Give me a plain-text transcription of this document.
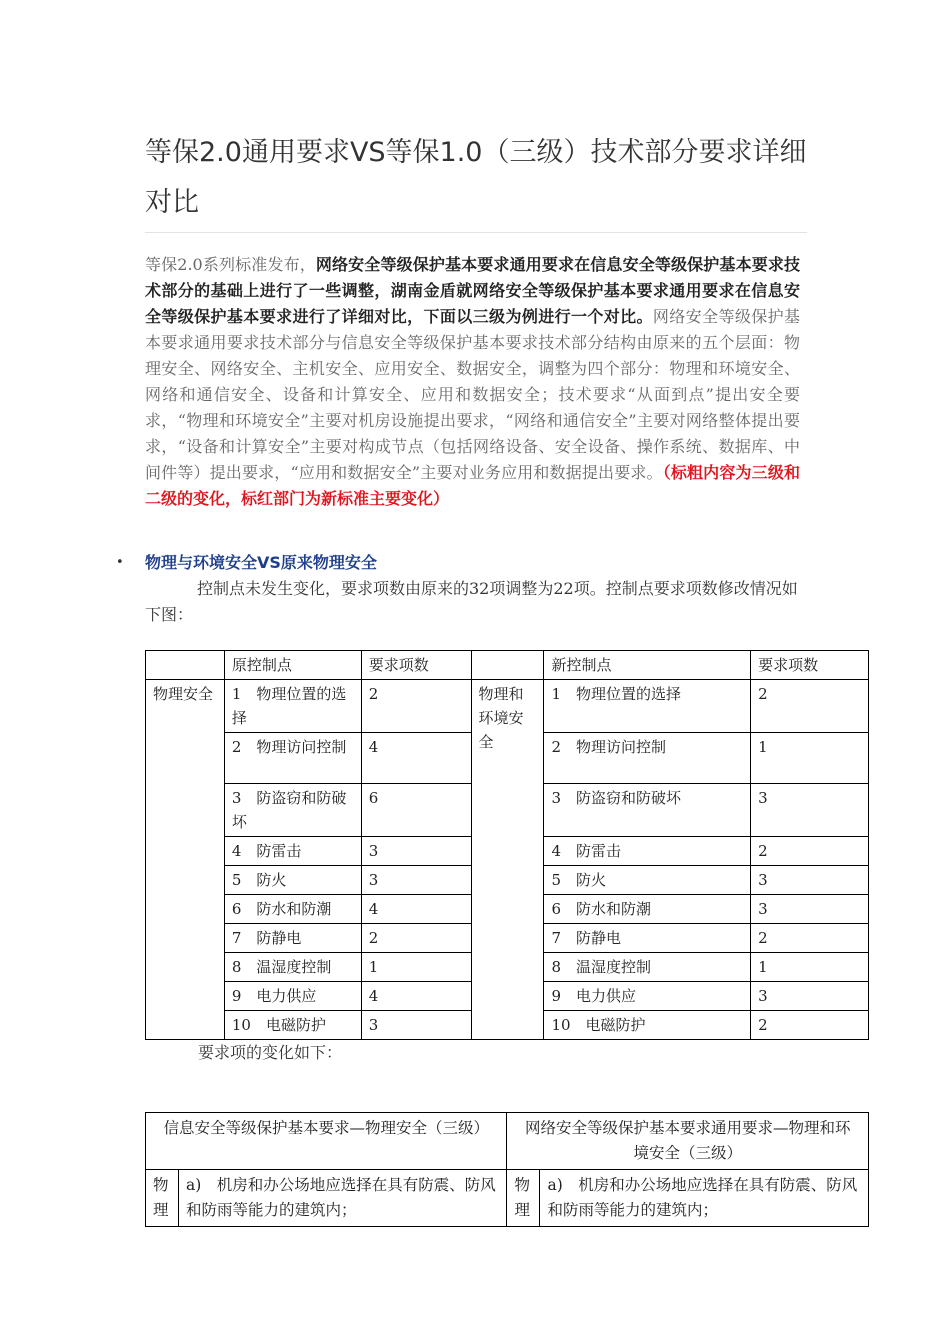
等保2.0通用要求VS等保1.0（三级）技术部分要求详细对比

等保2.0系列标准发布，网络安全等级保护基本要求通用要求在信息安全等级保护基本要求技术部分的基础上进行了一些调整，湖南金盾就网络安全等级保护基本要求通用要求在信息安全等级保护基本要求进行了详细对比，下面以三级为例进行一个对比。网络安全等级保护基本要求通用要求技术部分与信息安全等级保护基本要求技术部分结构由原来的五个层面：物理安全、网络安全、主机安全、应用安全、数据安全，调整为四个部分：物理和环境安全、网络和通信安全、设备和计算安全、应用和数据安全；技术要求“从面到点”提出安全要求，“物理和环境安全”主要对机房设施提出要求，“网络和通信安全”主要对网络整体提出要求，“设备和计算安全”主要对构成节点（包括网络设备、安全设备、操作系统、数据库、中间件等）提出要求，“应用和数据安全”主要对业务应用和数据提出要求。（标粗内容为三级和二级的变化，标红部门为新标准主要变化）

• 物理与环境安全VS原来物理安全

控制点未发生变化，要求项数由原来的32项调整为22项。控制点要求项数修改情况如下图：

	原控制点	要求项数		新控制点	要求项数
物理安全	1　物理位置的选择	2	物理和环境安全	1　物理位置的选择	2
	2　物理访问控制	4		2　物理访问控制	1
	3　防盗窃和防破坏	6		3　防盗窃和防破坏	3
	4　防雷击	3		4　防雷击	2
	5　防火	3		5　防火	3
	6　防水和防潮	4		6　防水和防潮	3
	7　防静电	2		7　防静电	2
	8　温湿度控制	1		8　温湿度控制	1
	9　电力供应	4		9　电力供应	3
	10　电磁防护	3		10　电磁防护	2

要求项的变化如下：

信息安全等级保护基本要求—物理安全（三级）		网络安全等级保护基本要求通用要求—物理和环境安全（三级）	
物理	a)　机房和办公场地应选择在具有防震、防风和防雨等能力的建筑内；	物理	a)　机房和办公场地应选择在具有防震、防风和防雨等能力的建筑内；
